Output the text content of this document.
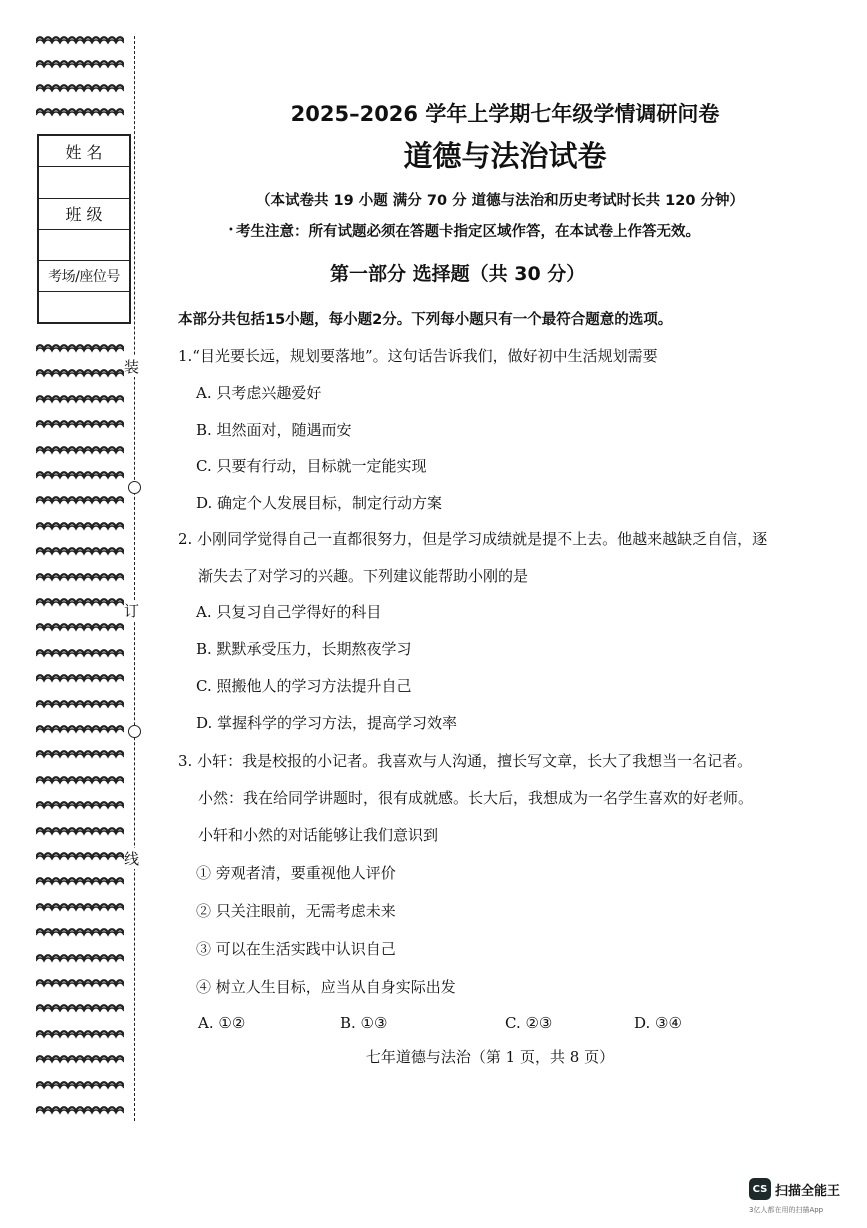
装
订
线
姓 名
班 级
考场/座位号
2025–2026 学年上学期七年级学情调研问卷
道德与法治试卷
（本试卷共 19 小题 满分 70 分 道德与法治和历史考试时长共 120 分钟）
• 考生注意：所有试题必须在答题卡指定区域作答，在本试卷上作答无效。
第一部分 选择题（共 30 分）
本部分共包括15小题，每小题2分。下列每小题只有一个最符合题意的选项。
1.“目光要长远，规划要落地”。这句话告诉我们，做好初中生活规划需要
A. 只考虑兴趣爱好
B. 坦然面对，随遇而安
C. 只要有行动，目标就一定能实现
D. 确定个人发展目标，制定行动方案
2. 小刚同学觉得自己一直都很努力，但是学习成绩就是提不上去。他越来越缺乏自信，逐
渐失去了对学习的兴趣。下列建议能帮助小刚的是
A. 只复习自己学得好的科目
B. 默默承受压力，长期熬夜学习
C. 照搬他人的学习方法提升自己
D. 掌握科学的学习方法，提高学习效率
3. 小轩：我是校报的小记者。我喜欢与人沟通，擅长写文章，长大了我想当一名记者。
小然：我在给同学讲题时，很有成就感。长大后，我想成为一名学生喜欢的好老师。
小轩和小然的对话能够让我们意识到
① 旁观者清，要重视他人评价
② 只关注眼前，无需考虑未来
③ 可以在生活实践中认识自己
④ 树立人生目标，应当从自身实际出发
A. ①②	B. ①③	C. ②③	D. ③④
七年道德与法治（第 1 页，共 8 页）
CS 扫描全能王
3亿人都在用的扫描App
